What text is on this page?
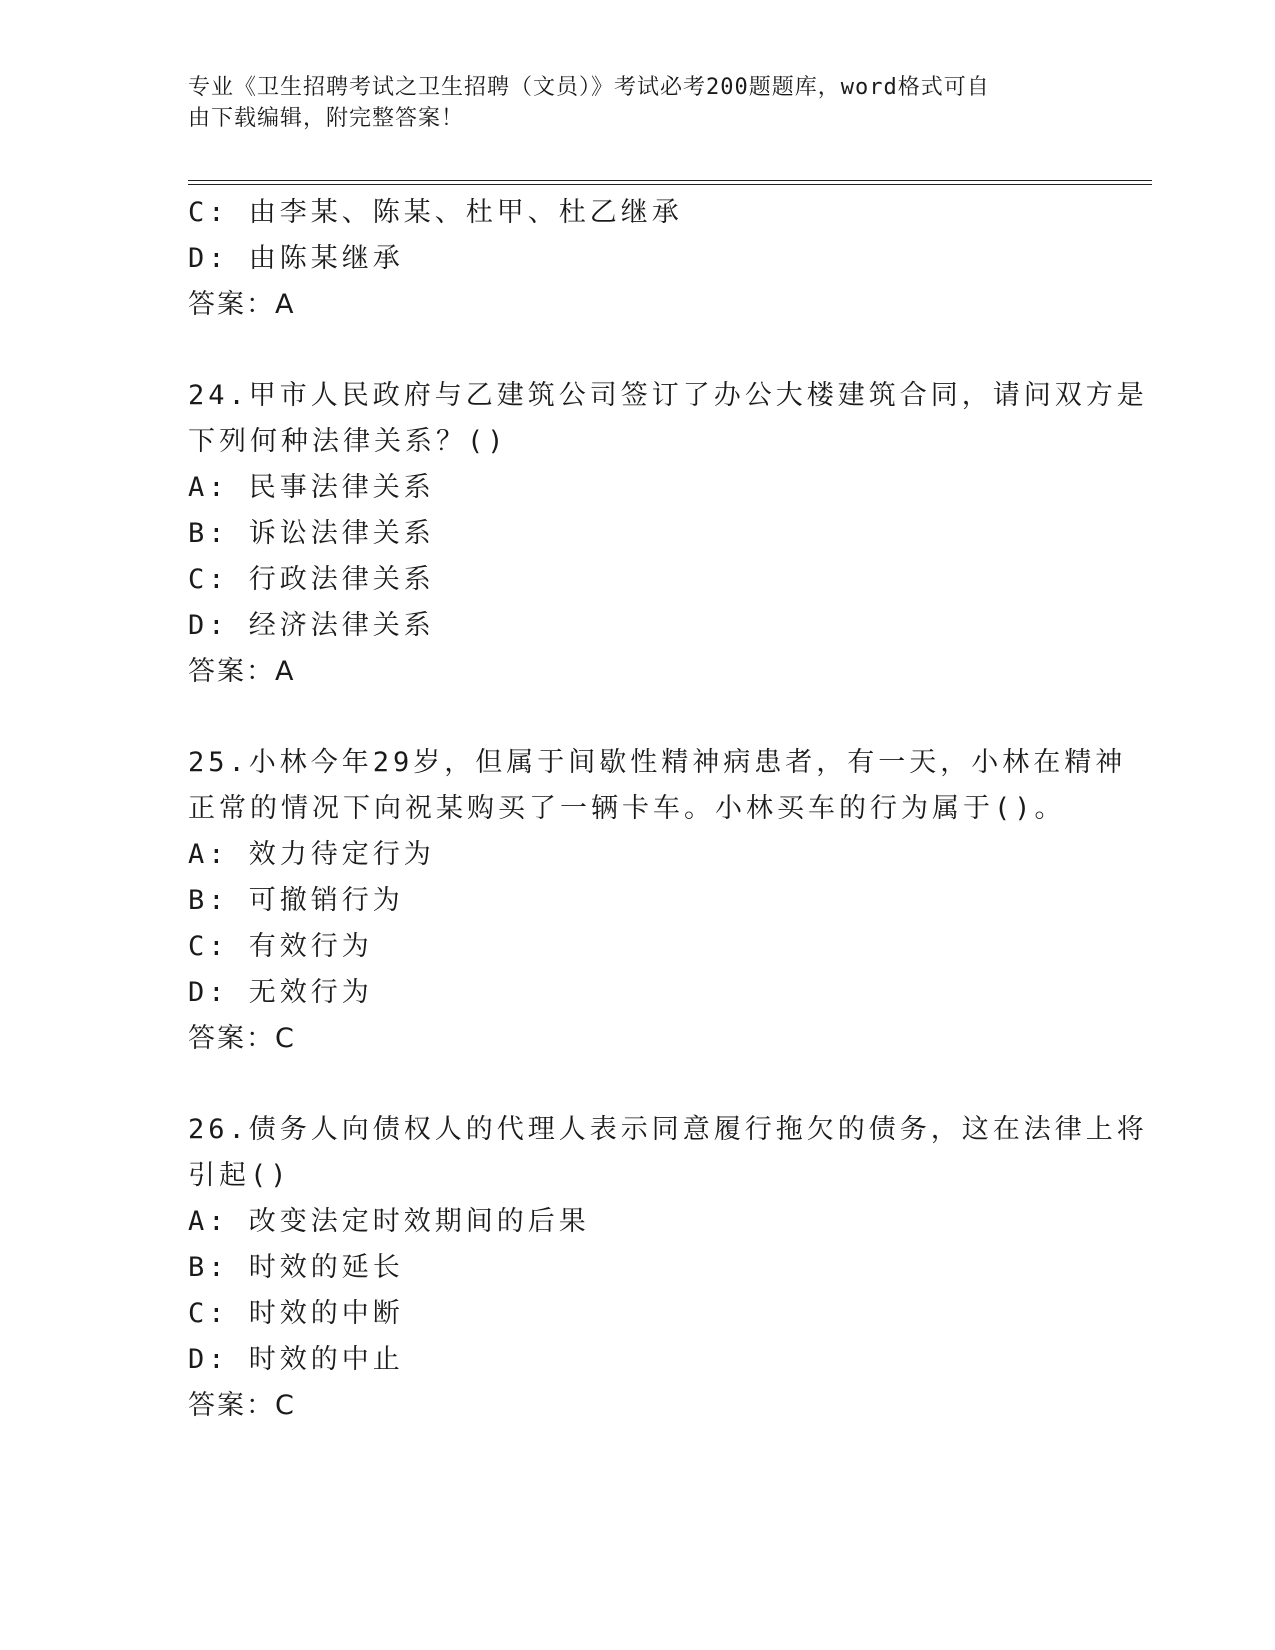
专业《卫生招聘考试之卫生招聘（文员）》考试必考200题题库，word格式可自
由下载编辑，附完整答案！
C: 由李某、陈某、杜甲、杜乙继承
D: 由陈某继承
答案：A
24.甲市人民政府与乙建筑公司签订了办公大楼建筑合同，请问双方是
下列何种法律关系？()
A: 民事法律关系
B: 诉讼法律关系
C: 行政法律关系
D: 经济法律关系
答案：A
25.小林今年29岁，但属于间歇性精神病患者，有一天，小林在精神
正常的情况下向祝某购买了一辆卡车。小林买车的行为属于()。
A: 效力待定行为
B: 可撤销行为
C: 有效行为
D: 无效行为
答案：C
26.债务人向债权人的代理人表示同意履行拖欠的债务，这在法律上将
引起()
A: 改变法定时效期间的后果
B: 时效的延长
C: 时效的中断
D: 时效的中止
答案：C
